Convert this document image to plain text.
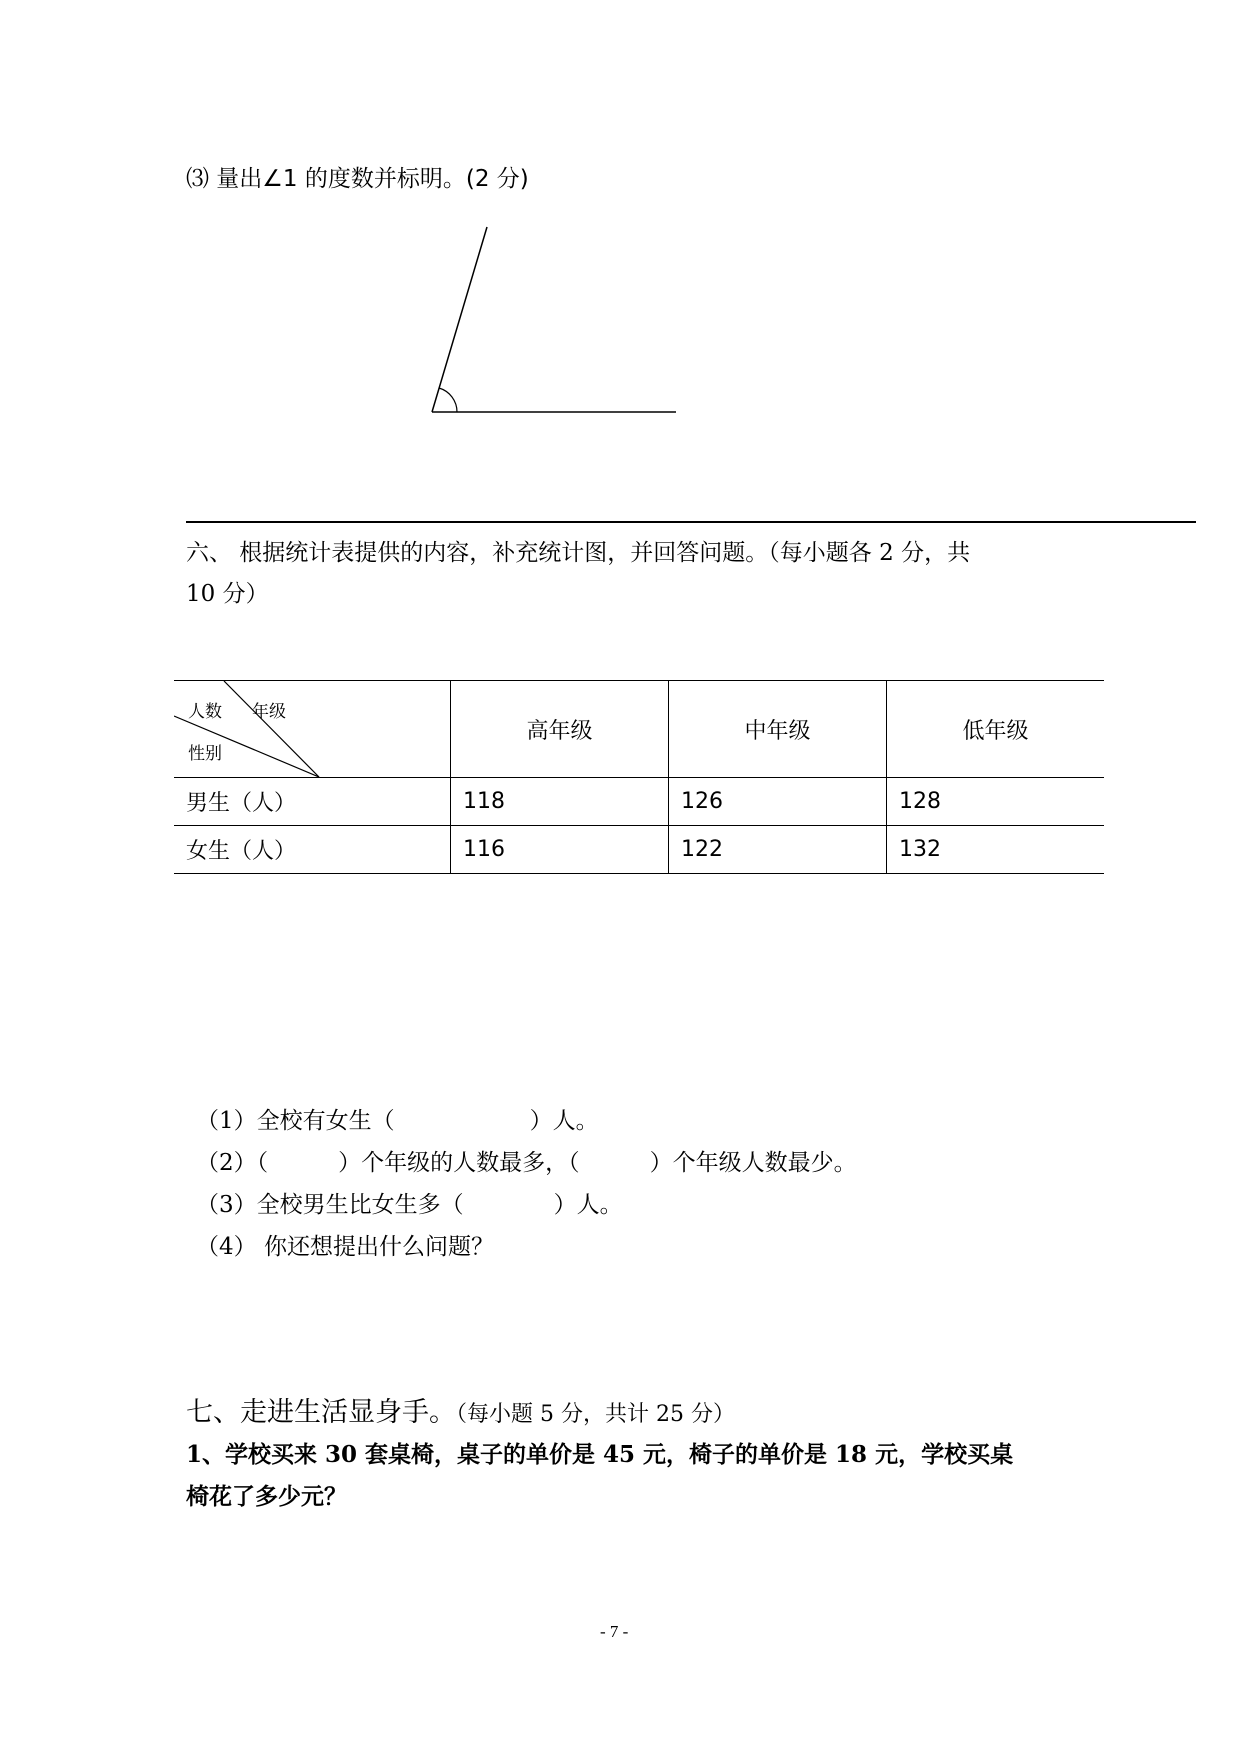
⑶ 量出∠1 的度数并标明。(2 分)
六、 根据统计表提供的内容，补充统计图，并回答问题。（每小题各 2 分，共
10 分）
人数 年级
性别	高年级	中年级	低年级
男生（人）	118	126	128
女生（人）	116	122	132
（1）全校有女生（	）人。
（2）（	）个年级的人数最多，（	）个年级人数最少。
（3）全校男生比女生多（	）人。
（4） 你还想提出什么问题？
七、走进生活显身手。（每小题 5 分，共计 25 分）
1、学校买来 30 套桌椅，桌子的单价是 45 元，椅子的单价是 18 元，学校买桌
椅花了多少元？
- 7 -
